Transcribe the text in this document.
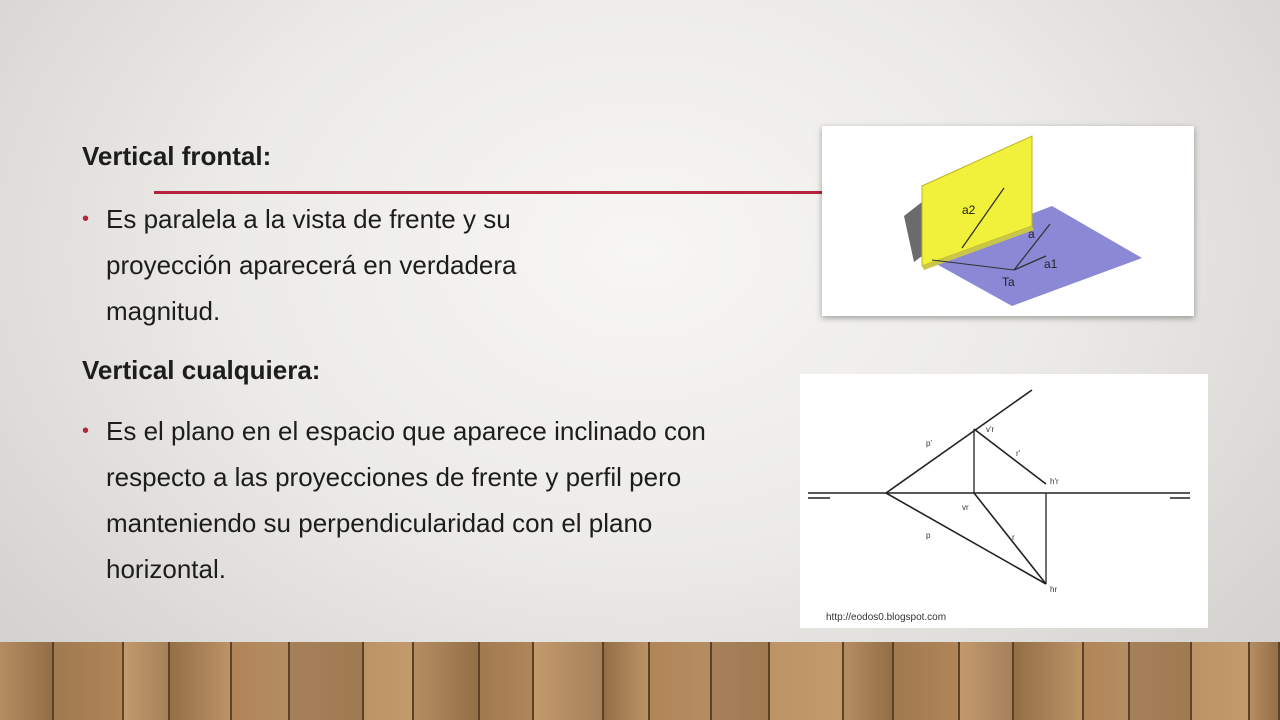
Vertical frontal:

• Es paralela a la vista de frente y su proyección aparecerá en verdadera magnitud.

Vertical cualquiera:

• Es el plano en el espacio que aparece inclinado con respecto a las proyecciones de frente y perfil pero manteniendo su perpendicularidad con el plano horizontal.
a2
a
a1
Ta
v'r
h'r
vr
hr
r'
r
p'
p
http://eodos0.blogspot.com
